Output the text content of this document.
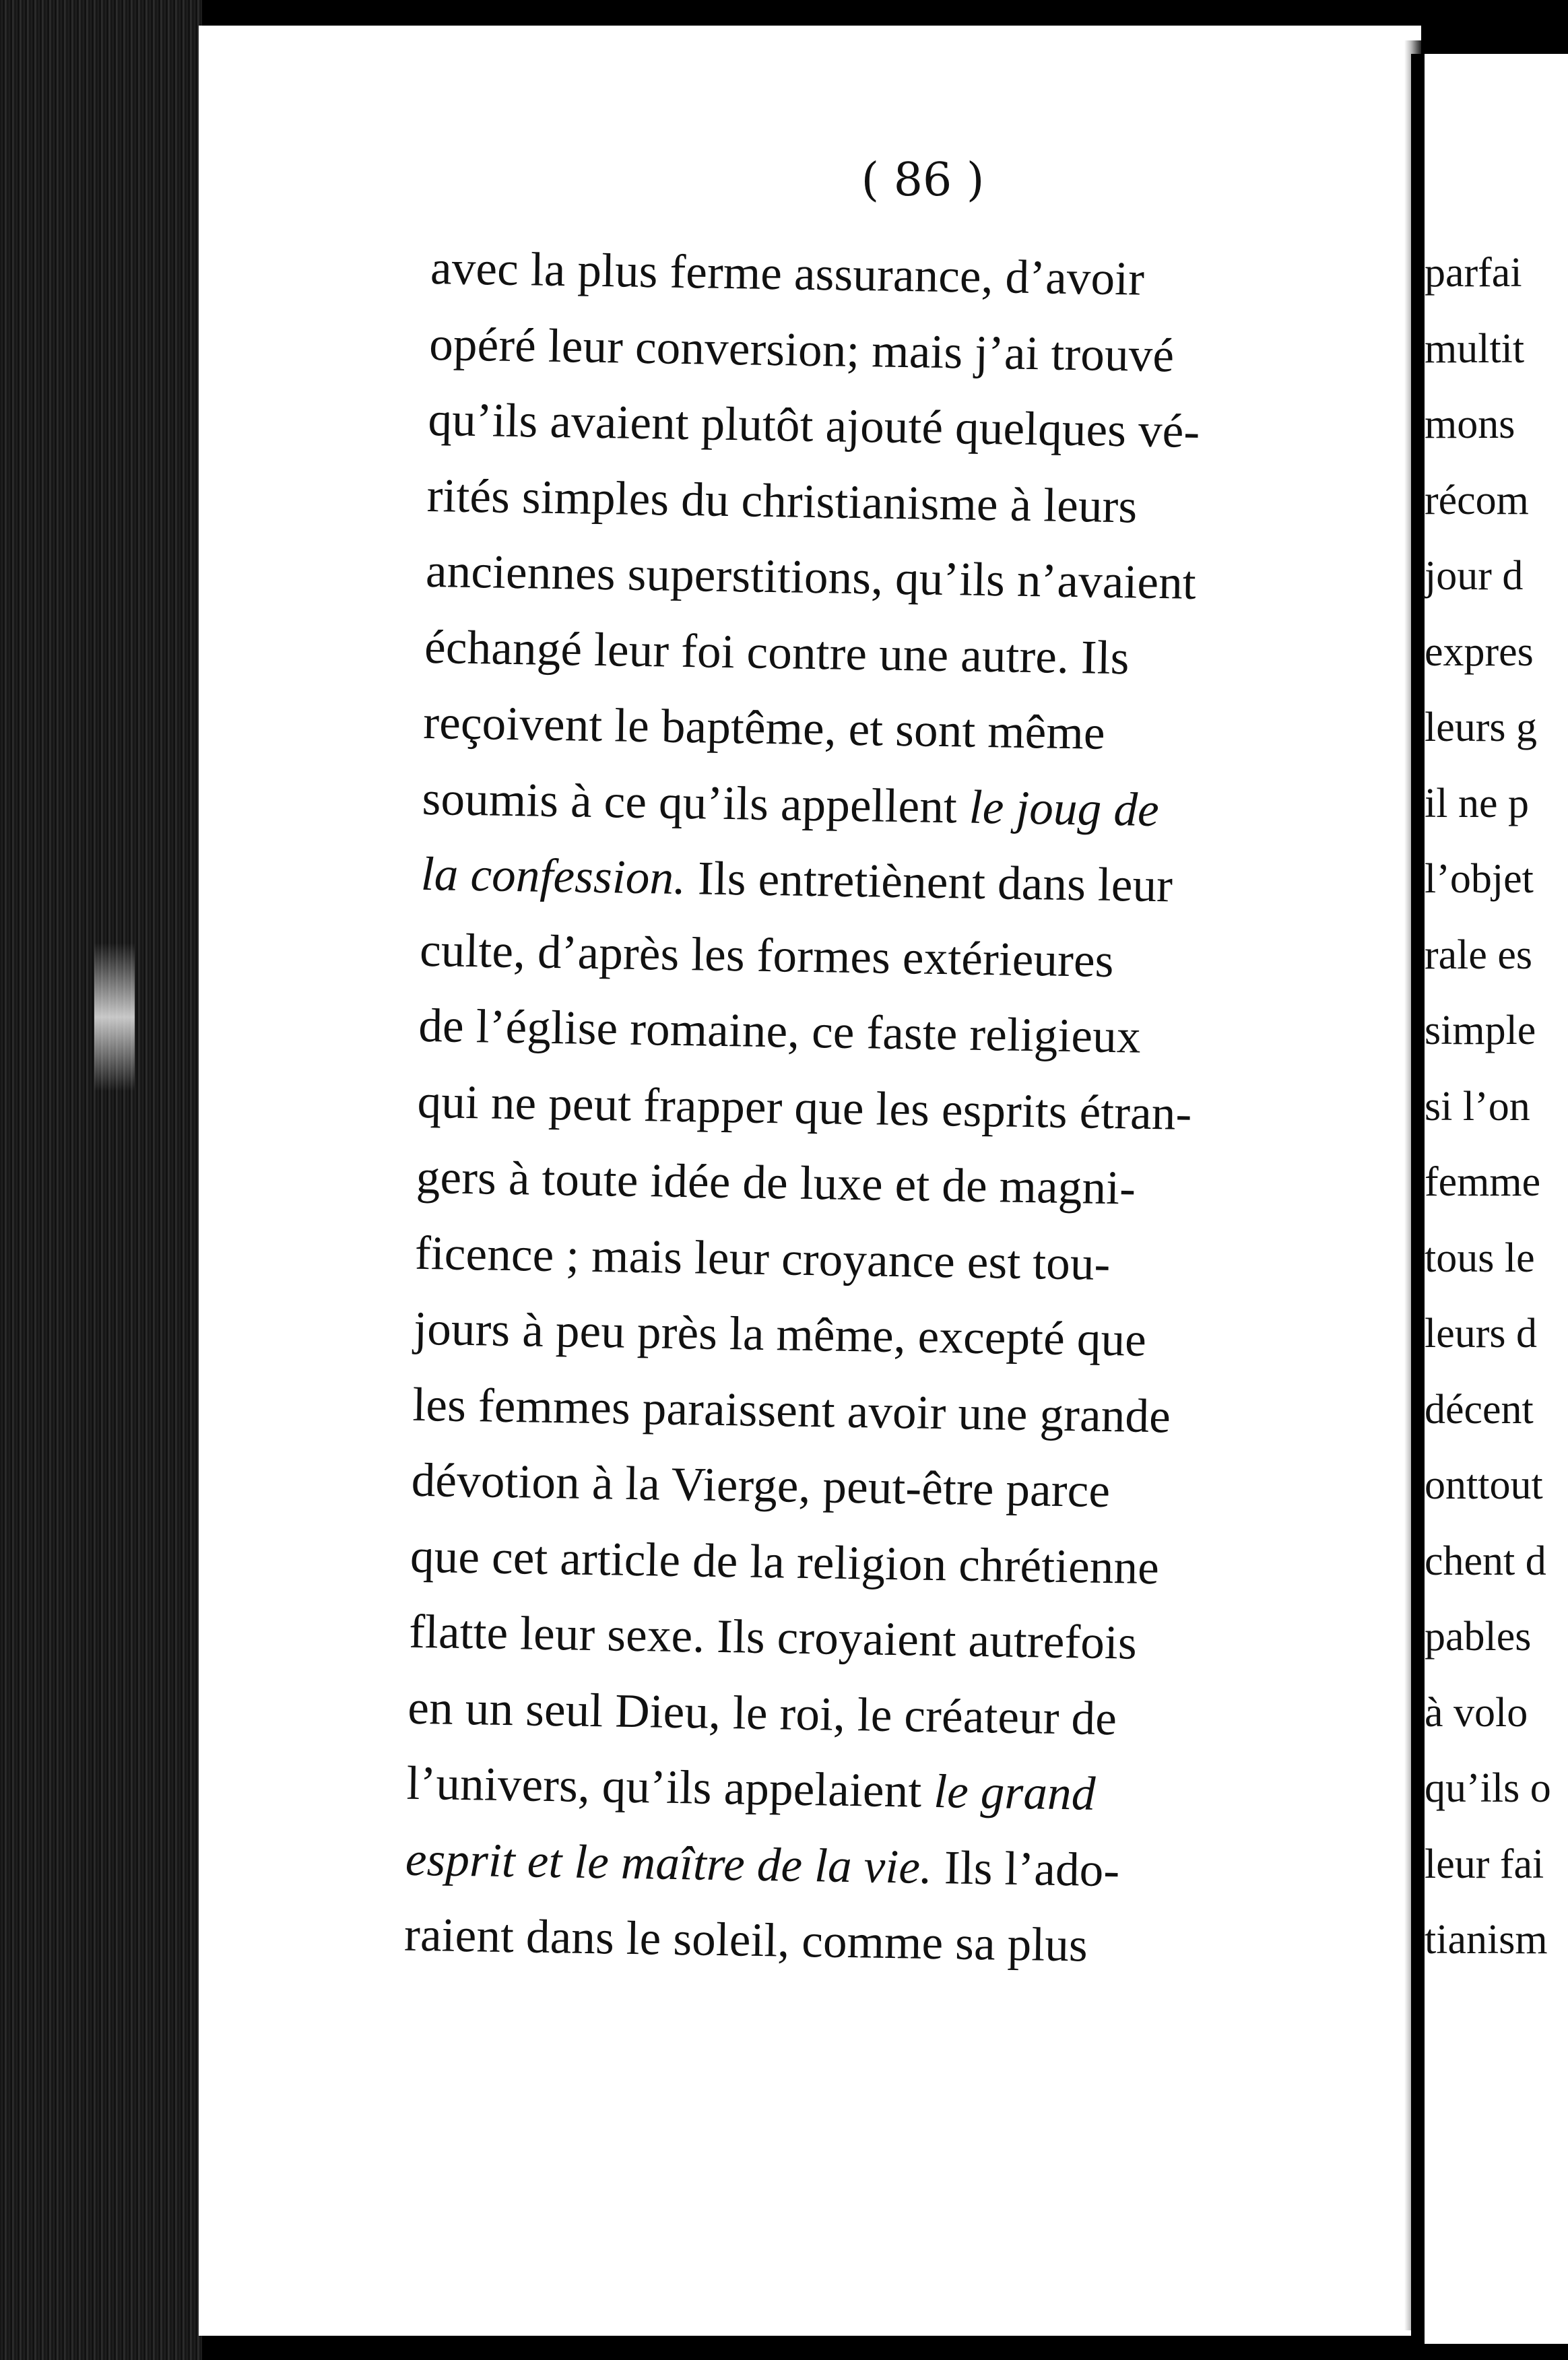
( 86 )
avec la plus ferme assurance, d’avoir
opéré leur conversion; mais j’ai trouvé
qu’ils avaient plutôt ajouté quelques vé-
rités simples du christianisme à leurs
anciennes superstitions, qu’ils n’avaient
échangé leur foi contre une autre. Ils
reçoivent le baptême, et sont même
soumis à ce qu’ils appellent le joug de
la confession. Ils entretiènent dans leur
culte, d’après les formes extérieures
de l’église romaine, ce faste religieux
qui ne peut frapper que les esprits étran-
gers à toute idée de luxe et de magni-
ficence ; mais leur croyance est tou-
jours à peu près la même, excepté que
les femmes paraissent avoir une grande
dévotion à la Vierge, peut-être parce
que cet article de la religion chrétienne
flatte leur sexe. Ils croyaient autrefois
en un seul Dieu, le roi, le créateur de
l’univers, qu’ils appelaient le grand
esprit et le maître de la vie. Ils l’ado-
raient dans le soleil, comme sa plus
parfai
multit
mons
récom
jour d
expres
leurs g
il ne p
l’objet
rale es
simple
si l’on
femme
tous le
leurs d
décent
onttout
chent d
pables
à volo
qu’ils o
leur fai
tianism
